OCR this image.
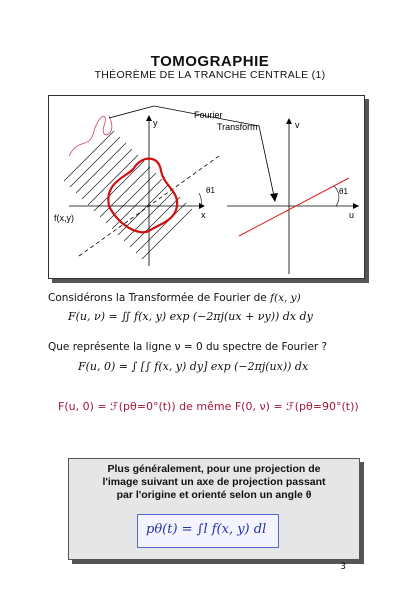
TOMOGRAPHIE
THÉORÈME DE LA TRANCHE CENTRALE (1)
y
x
f(x,y)
θ1
Fourier
Transform	v
u
θ1
Considérons la Transformée de Fourier de f(x, y)
F(u, ν) = ∬ f(x, y) exp (−2πj(ux + νy)) dx dy
Que représente la ligne ν = 0 du spectre de Fourier ?
F(u, 0) = ∫ [∫ f(x, y) dy] exp (−2πj(ux)) dx
F(u, 0) = ℱ(pθ=0°(t)) de même F(0, ν) = ℱ(pθ=90°(t))
Plus généralement, pour une projection de
l'image suivant un axe de projection passant
par l'origine et orienté selon un angle θ
pθ(t) = ∫l f(x, y) dl
3
